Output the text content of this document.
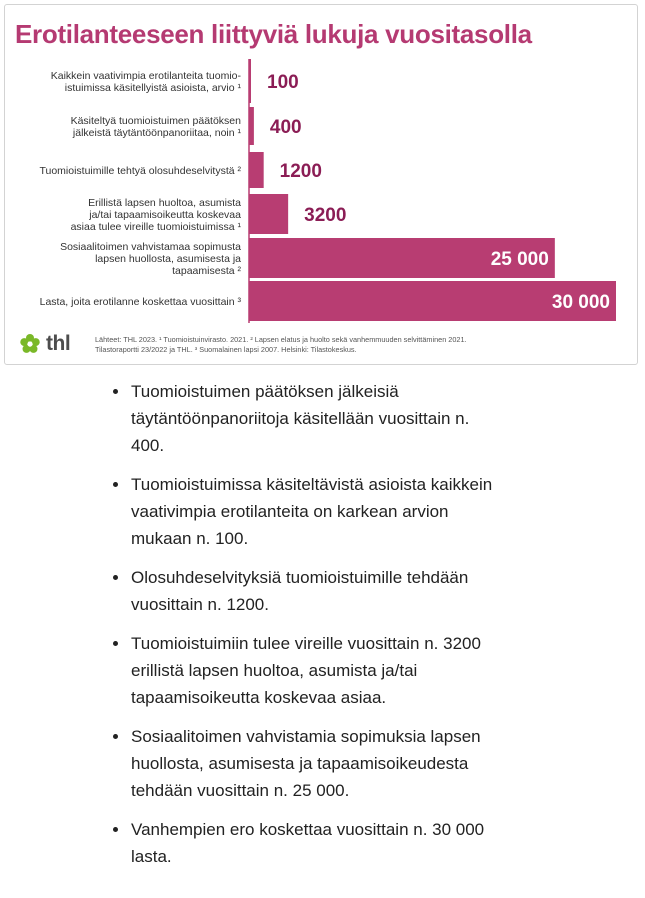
Erotilanteeseen liittyviä lukuja vuositasolla
Kaikkein vaativimpia erotilanteita tuomio-istuimissa käsitellyistä asioista, arvio ¹ 100
Käsiteltyä tuomioistuimen päätöksen jälkeistä täytäntöönpanoriitaa, noin ¹ 400
Tuomioistuimille tehtyä olosuhdeselvitystä ² 1200
Erillistä lapsen huoltoa, asumista ja/tai tapaamisoikeutta koskevaa asiaa tulee vireille tuomioistuimissa ¹
3200
Sosiaalitoimen vahvistamaa sopimusta lapsen huollosta, asumisesta ja tapaamisesta ²
25 000
Lasta, joita erotilanne koskettaa vuosittain ³	30 000
thl	Lähteet: THL 2023. ¹ Tuomioistuinvirasto. 2021. ² Lapsen elatus ja huolto sekä vanhemmuuden selvittäminen 2021.
Tilastoraportti 23/2022 ja THL. ³ Suomalainen lapsi 2007. Helsinki: Tilastokeskus.
Tuomioistuimen päätöksen jälkeisiä täytäntöönpanoriitoja käsitellään vuosittain n. 400.
Tuomioistuimissa käsiteltävistä asioista kaikkein vaativimpia erotilanteita on karkean arvion mukaan n. 100.
Olosuhdeselvityksiä tuomioistuimille tehdään vuosittain n. 1200.
Tuomioistuimiin tulee vireille vuosittain n. 3200 erillistä lapsen huoltoa, asumista ja/tai tapaamisoikeutta koskevaa asiaa.
Sosiaalitoimen vahvistamia sopimuksia lapsen huollosta, asumisesta ja tapaamisoikeudesta tehdään vuosittain n. 25 000.
Vanhempien ero koskettaa vuosittain n. 30 000 lasta.
